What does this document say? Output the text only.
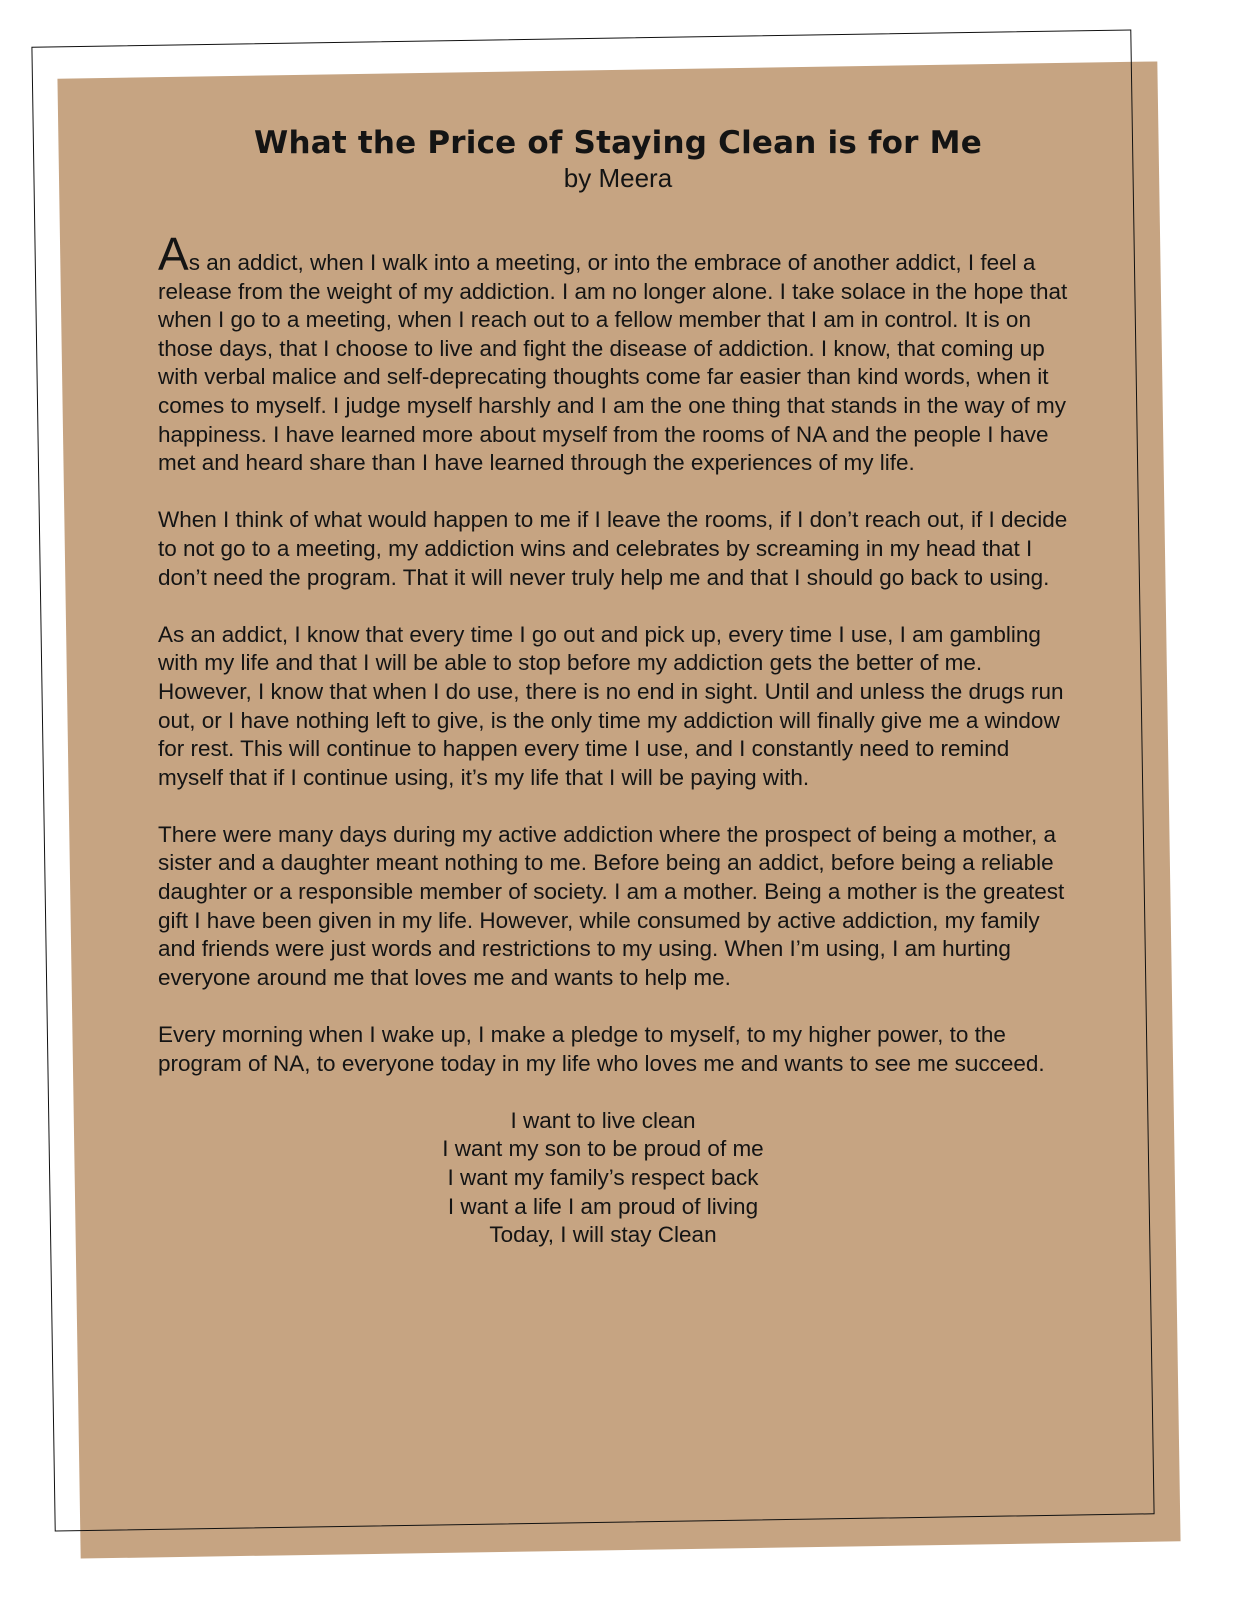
What the Price of Staying Clean is for Me
by Meera

As an addict, when I walk into a meeting, or into the embrace of another addict, I feel a release from the weight of my addiction. I am no longer alone. I take solace in the hope that when I go to a meeting, when I reach out to a fellow member that I am in control. It is on those days, that I choose to live and fight the disease of addiction. I know, that coming up with verbal malice and self-deprecating thoughts come far easier than kind words, when it comes to myself. I judge myself harshly and I am the one thing that stands in the way of my happiness. I have learned more about myself from the rooms of NA and the people I have met and heard share than I have learned through the experiences of my life.

When I think of what would happen to me if I leave the rooms, if I don’t reach out, if I decide to not go to a meeting, my addiction wins and celebrates by screaming in my head that I don’t need the program. That it will never truly help me and that I should go back to using.

As an addict, I know that every time I go out and pick up, every time I use, I am gambling with my life and that I will be able to stop before my addiction gets the better of me. However, I know that when I do use, there is no end in sight. Until and unless the drugs run out, or I have nothing left to give, is the only time my addiction will finally give me a window for rest. This will continue to happen every time I use, and I constantly need to remind myself that if I continue using, it’s my life that I will be paying with.

There were many days during my active addiction where the prospect of being a mother, a sister and a daughter meant nothing to me. Before being an addict, before being a reliable daughter or a responsible member of society. I am a mother. Being a mother is the greatest gift I have been given in my life. However, while consumed by active addiction, my family and friends were just words and restrictions to my using. When I’m using, I am hurting everyone around me that loves me and wants to help me.

Every morning when I wake up, I make a pledge to myself, to my higher power, to the program of NA, to everyone today in my life who loves me and wants to see me succeed.

I want to live clean
I want my son to be proud of me
I want my family’s respect back
I want a life I am proud of living
Today, I will stay Clean
